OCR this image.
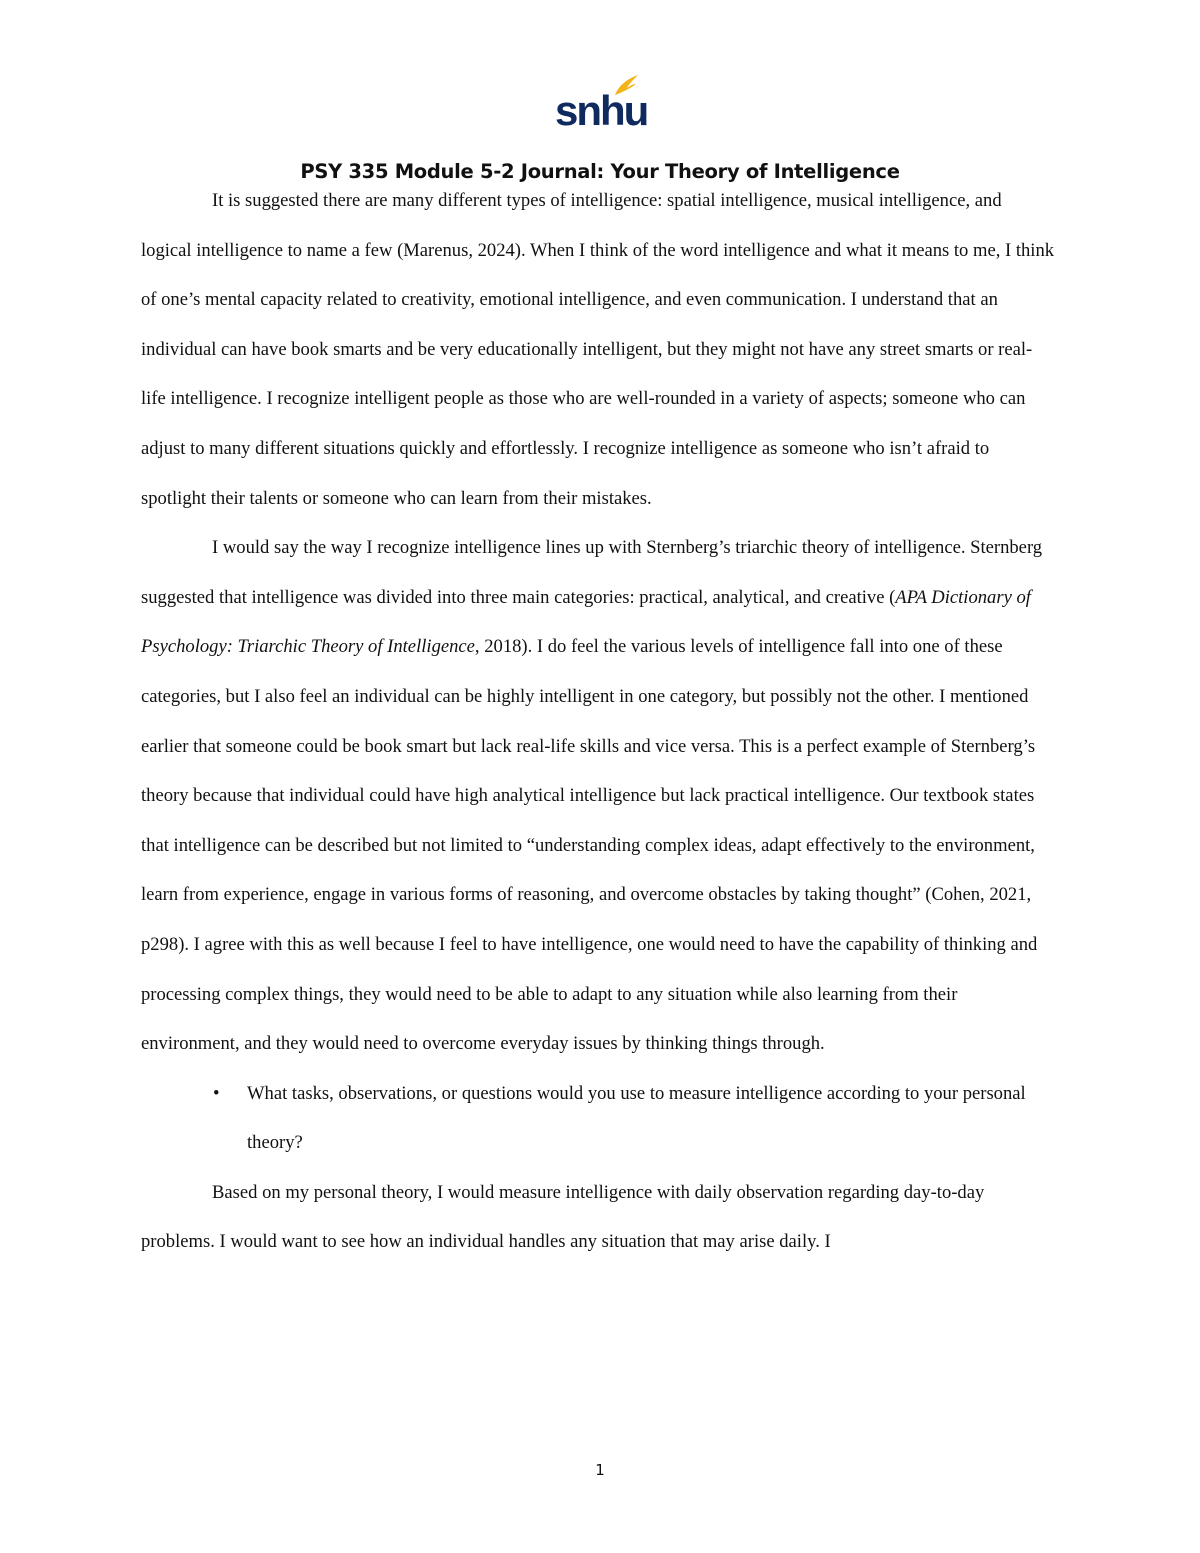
snhu
PSY 335 Module 5-2 Journal: Your Theory of Intelligence

It is suggested there are many different types of intelligence: spatial intelligence, musical intelligence, and logical intelligence to name a few (Marenus, 2024). When I think of the word intelligence and what it means to me, I think of one’s mental capacity related to creativity, emotional intelligence, and even communication. I understand that an individual can have book smarts and be very educationally intelligent, but they might not have any street smarts or real-life intelligence. I recognize intelligent people as those who are well-rounded in a variety of aspects; someone who can adjust to many different situations quickly and effortlessly. I recognize intelligence as someone who isn’t afraid to spotlight their talents or someone who can learn from their mistakes.

I would say the way I recognize intelligence lines up with Sternberg’s triarchic theory of intelligence. Sternberg suggested that intelligence was divided into three main categories: practical, analytical, and creative (APA Dictionary of Psychology: Triarchic Theory of Intelligence, 2018). I do feel the various levels of intelligence fall into one of these categories, but I also feel an individual can be highly intelligent in one category, but possibly not the other. I mentioned earlier that someone could be book smart but lack real-life skills and vice versa. This is a perfect example of Sternberg’s theory because that individual could have high analytical intelligence but lack practical intelligence. Our textbook states that intelligence can be described but not limited to “understanding complex ideas, adapt effectively to the environment, learn from experience, engage in various forms of reasoning, and overcome obstacles by taking thought” (Cohen, 2021, p298). I agree with this as well because I feel to have intelligence, one would need to have the capability of thinking and processing complex things, they would need to be able to adapt to any situation while also learning from their environment, and they would need to overcome everyday issues by thinking things through.

• What tasks, observations, or questions would you use to measure intelligence according to your personal theory?

Based on my personal theory, I would measure intelligence with daily observation regarding day-to-day problems. I would want to see how an individual handles any situation that may arise daily. I

1
